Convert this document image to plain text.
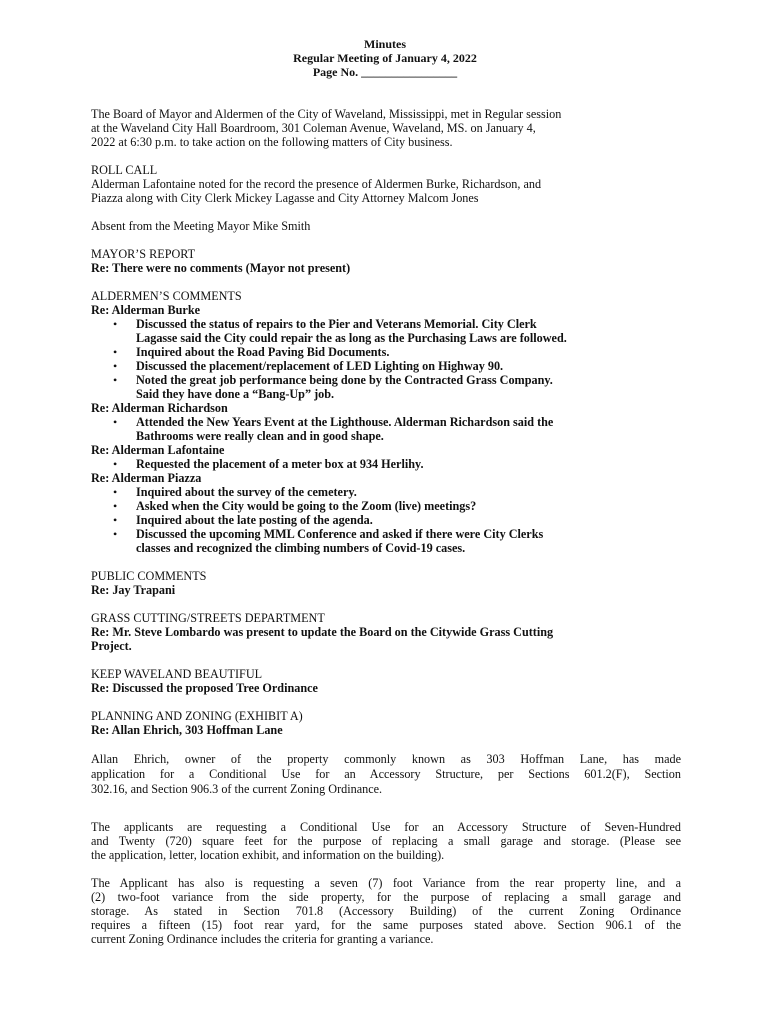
Minutes
Regular Meeting of January 4, 2022
Page No. ________________
The Board of Mayor and Aldermen of the City of Waveland, Mississippi, met in Regular session
at the Waveland City Hall Boardroom, 301 Coleman Avenue, Waveland, MS. on January 4,
2022 at 6:30 p.m. to take action on the following matters of City business.
ROLL CALL
Alderman Lafontaine noted for the record the presence of Aldermen Burke, Richardson, and
Piazza along with City Clerk Mickey Lagasse and City Attorney Malcom Jones
Absent from the Meeting Mayor Mike Smith
MAYOR’S REPORT
Re: There were no comments (Mayor not present)
ALDERMEN’S COMMENTS
Re: Alderman Burke
• Discussed the status of repairs to the Pier and Veterans Memorial. City Clerk
Lagasse said the City could repair the as long as the Purchasing Laws are followed.
• Inquired about the Road Paving Bid Documents.
• Discussed the placement/replacement of LED Lighting on Highway 90.
• Noted the great job performance being done by the Contracted Grass Company.
Said they have done a “Bang-Up” job.
Re: Alderman Richardson
• Attended the New Years Event at the Lighthouse. Alderman Richardson said the
Bathrooms were really clean and in good shape.
Re: Alderman Lafontaine
• Requested the placement of a meter box at 934 Herlihy.
Re: Alderman Piazza
• Inquired about the survey of the cemetery.
• Asked when the City would be going to the Zoom (live) meetings?
• Inquired about the late posting of the agenda.
• Discussed the upcoming MML Conference and asked if there were City Clerks
classes and recognized the climbing numbers of Covid-19 cases.
PUBLIC COMMENTS
Re: Jay Trapani
GRASS CUTTING/STREETS DEPARTMENT
Re: Mr. Steve Lombardo was present to update the Board on the Citywide Grass Cutting
Project.
KEEP WAVELAND BEAUTIFUL
Re: Discussed the proposed Tree Ordinance
PLANNING AND ZONING (EXHIBIT A)
Re: Allan Ehrich, 303 Hoffman Lane
Allan Ehrich, owner of the property commonly known as 303 Hoffman Lane, has made
application for a Conditional Use for an Accessory Structure, per Sections 601.2(F), Section
302.16, and Section 906.3 of the current Zoning Ordinance.
The applicants are requesting a Conditional Use for an Accessory Structure of Seven-Hundred
and Twenty (720) square feet for the purpose of replacing a small garage and storage. (Please see
the application, letter, location exhibit, and information on the building).
The Applicant has also is requesting a seven (7) foot Variance from the rear property line, and a
(2) two-foot variance from the side property, for the purpose of replacing a small garage and
storage. As stated in Section 701.8 (Accessory Building) of the current Zoning Ordinance
requires a fifteen (15) foot rear yard, for the same purposes stated above. Section 906.1 of the
current Zoning Ordinance includes the criteria for granting a variance.
